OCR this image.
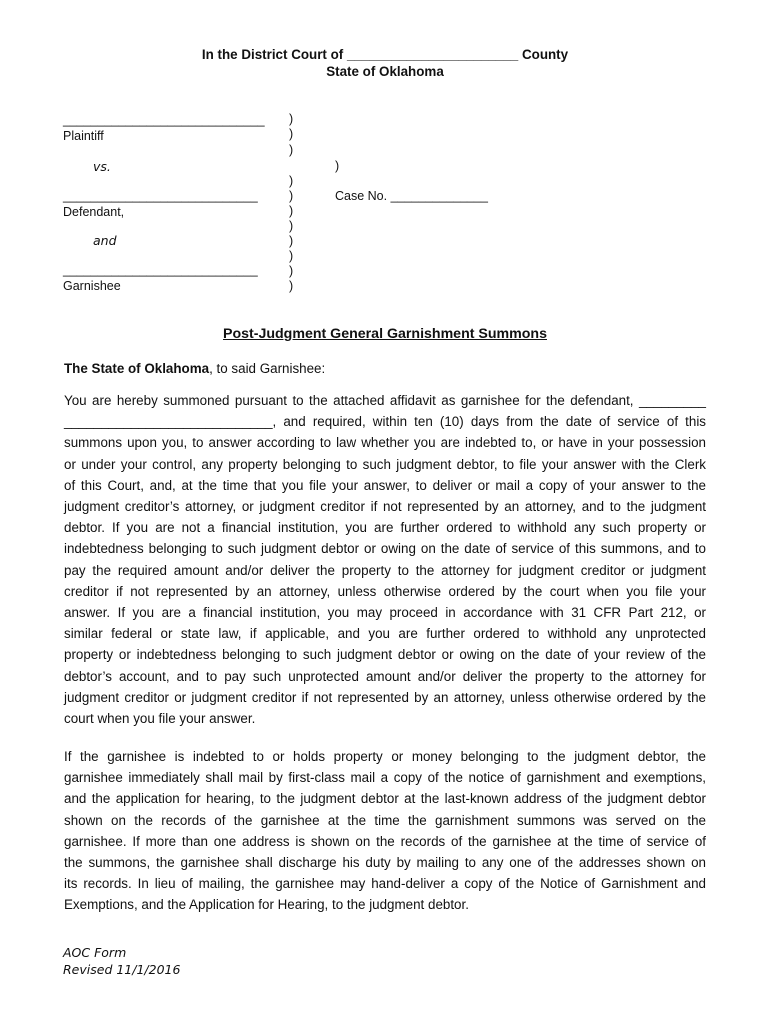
In the District Court of _______________________ County
State of Oklahoma
_____________________________
Plaintiff
vs.
____________________________
Defendant,
and
____________________________
Garnishee
)
)
)
)
)
)
)
)
)
)
)
)
Case No. ______________
Post-Judgment General Garnishment Summons
The State of Oklahoma, to said Garnishee:
You are hereby summoned pursuant to the attached affidavit as garnishee for the defendant, _________
____________________________, and required, within ten (10) days from the date of service of this
summons upon you, to answer according to law whether you are indebted to, or have in your possession
or under your control, any property belonging to such judgment debtor, to file your answer with the Clerk
of this Court, and, at the time that you file your answer, to deliver or mail a copy of your answer to the
judgment creditor’s attorney, or judgment creditor if not represented by an attorney, and to the judgment
debtor. If you are not a financial institution, you are further ordered to withhold any such property or
indebtedness belonging to such judgment debtor or owing on the date of service of this summons, and to
pay the required amount and/or deliver the property to the attorney for judgment creditor or judgment
creditor if not represented by an attorney, unless otherwise ordered by the court when you file your
answer. If you are a financial institution, you may proceed in accordance with 31 CFR Part 212, or
similar federal or state law, if applicable, and you are further ordered to withhold any unprotected
property or indebtedness belonging to such judgment debtor or owing on the date of your review of the
debtor’s account, and to pay such unprotected amount and/or deliver the property to the attorney for
judgment creditor or judgment creditor if not represented by an attorney, unless otherwise ordered by the
court when you file your answer.
If the garnishee is indebted to or holds property or money belonging to the judgment debtor, the
garnishee immediately shall mail by first-class mail a copy of the notice of garnishment and exemptions,
and the application for hearing, to the judgment debtor at the last-known address of the judgment debtor
shown on the records of the garnishee at the time the garnishment summons was served on the
garnishee. If more than one address is shown on the records of the garnishee at the time of service of
the summons, the garnishee shall discharge his duty by mailing to any one of the addresses shown on
its records. In lieu of mailing, the garnishee may hand-deliver a copy of the Notice of Garnishment and
Exemptions, and the Application for Hearing, to the judgment debtor.
AOC Form
Revised 11/1/2016
